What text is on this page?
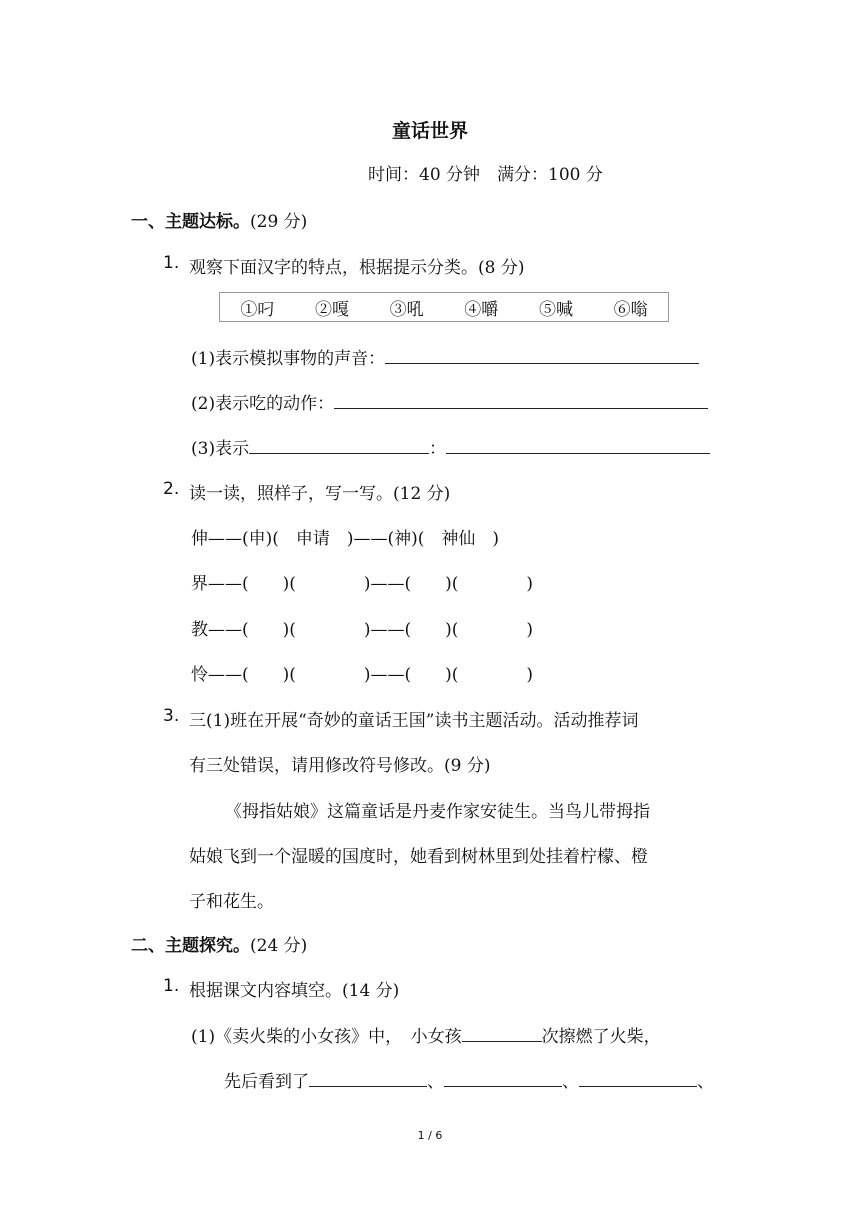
童话世界
时间：40 分钟　满分：100 分
一、主题达标。(29 分)
1. 观察下面汉字的特点，根据提示分类。(8 分)
①叼 ②嘎 ③吼 ④嚼 ⑤喊 ⑥嗡
(1)表示模拟事物的声音：
(2)表示吃的动作：
(3)表示	：
2. 读一读，照样子，写一写。(12 分)
伸——(申)(　申请　)——(神)(　神仙　)
界——(　　)(　　　　)——(　　)(　　　　)
教——(　　)(　　　　)——(　　)(　　　　)
怜——(　　)(　　　　)——(　　)(　　　　)
3. 三(1)班在开展“奇妙的童话王国”读书主题活动。活动推荐词
有三处错误，请用修改符号修改。(9 分)
《拇指姑娘》这篇童话是丹麦作家安徒生。当鸟儿带拇指
姑娘飞到一个湿暖的国度时，她看到树林里到处挂着柠檬、橙
子和花生。
二、主题探究。(24 分)
1. 根据课文内容填空。(14 分)
(1)《卖火柴的小女孩》中，　小女孩	次擦燃了火柴，
先后看到了	、	、	、
1 / 6
